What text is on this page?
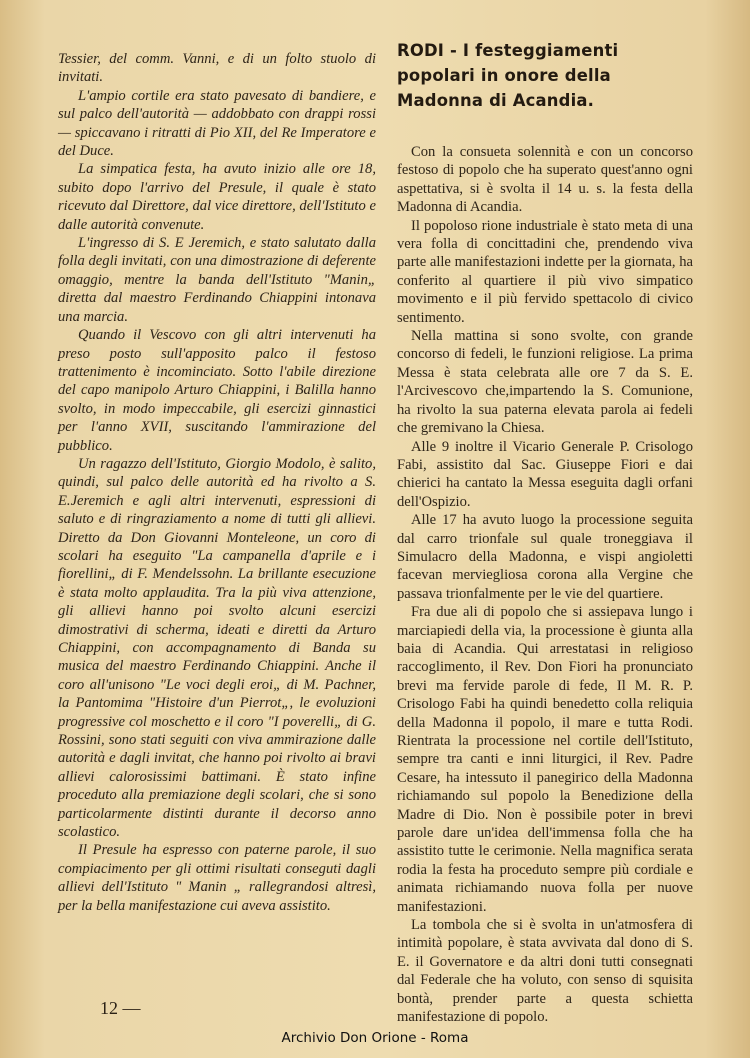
Tessier, del comm. Vanni, e di un folto stuolo di invitati.

L'ampio cortile era stato pavesato di bandiere, e sul palco dell'autorità — addobbato con drappi rossi — spiccavano i ritratti di Pio XII, del Re Imperatore e del Duce.

La simpatica festa, ha avuto inizio alle ore 18, subito dopo l'arrivo del Presule, il quale è stato ricevuto dal Direttore, dal vice direttore, dell'Istituto e dalle autorità convenute.

L'ingresso di S. E Jeremich, e stato salutato dalla folla degli invitati, con una dimostrazione di deferente omaggio, mentre la banda dell'Istituto "Manin„ diretta dal maestro Ferdinando Chiappini intonava una marcia.

Quando il Vescovo con gli altri intervenuti ha preso posto sull'apposito palco il festoso trattenimento è incominciato. Sotto l'abile direzione del capo manipolo Arturo Chiappini, i Balilla hanno svolto, in modo impeccabile, gli esercizi ginnastici per l'anno XVII, suscitando l'ammirazione del pubblico.

Un ragazzo dell'Istituto, Giorgio Modolo, è salito, quindi, sul palco delle autorità ed ha rivolto a S. E.Jeremich e agli altri intervenuti, espressioni di saluto e di ringraziamento a nome di tutti gli allievi. Diretto da Don Giovanni Monteleone, un coro di scolari ha eseguito "La campanella d'aprile e i fiorellini„ di F. Mendelssohn. La brillante esecuzione è stata molto applaudita. Tra la più viva attenzione, gli allievi hanno poi svolto alcuni esercizi dimostrativi di scherma, ideati e diretti da Arturo Chiappini, con accompagnamento di Banda su musica del maestro Ferdinando Chiappini. Anche il coro all'unisono "Le voci degli eroi„ di M. Pachner, la Pantomima "Histoire d'un Pierrot„, le evoluzioni progressive col moschetto e il coro "I poverelli„ di G. Rossini, sono stati seguiti con viva ammirazione dalle autorità e dagli invitat, che hanno poi rivolto ai bravi allievi calorosissimi battimani. È stato infine proceduto alla premiazione degli scolari, che si sono particolarmente distinti durante il decorso anno scolastico.

Il Presule ha espresso con paterne parole, il suo compiacimento per gli ottimi risultati conseguti dagli allievi dell'Istituto " Manin „ rallegrandosi altresì, per la bella manifestazione cui aveva assistito.

RODI - I festeggiamenti popolari in onore della Madonna di Acandia.

Con la consueta solennità e con un concorso festoso di popolo che ha superato quest'anno ogni aspettativa, si è svolta il 14 u. s. la festa della Madonna di Acandia.

Il popoloso rione industriale è stato meta di una vera folla di concittadini che, prendendo viva parte alle manifestazioni indette per la giornata, ha conferito al quartiere il più vivo simpatico movimento e il più fervido spettacolo di civico sentimento.

Nella mattina si sono svolte, con grande concorso di fedeli, le funzioni religiose. La prima Messa è stata celebrata alle ore 7 da S. E. l'Arcivescovo che,impartendo la S. Comunione, ha rivolto la sua paterna elevata parola ai fedeli che gremivano la Chiesa.

Alle 9 inoltre il Vicario Generale P. Crisologo Fabi, assistito dal Sac. Giuseppe Fiori e dai chierici ha cantato la Messa eseguita dagli orfani dell'Ospizio.

Alle 17 ha avuto luogo la processione seguita dal carro trionfale sul quale troneggiava il Simulacro della Madonna, e vispi angioletti facevan merviegliosa corona alla Vergine che passava trionfalmente per le vie del quartiere.

Fra due ali di popolo che si assiepava lungo i marciapiedi della via, la processione è giunta alla baia di Acandia. Qui arrestatasi in religioso raccoglimento, il Rev. Don Fiori ha pronunciato brevi ma fervide parole di fede, Il M. R. P. Crisologo Fabi ha quindi benedetto colla reliquia della Madonna il popolo, il mare e tutta Rodi. Rientrata la processione nel cortile dell'Istituto, sempre tra canti e inni liturgici, il Rev. Padre Cesare, ha intessuto il panegirico della Madonna richiamando sul popolo la Benedizione della Madre di Dio. Non è possibile poter in brevi parole dare un'idea dell'immensa folla che ha assistito tutte le cerimonie. Nella magnifica serata rodia la festa ha proceduto sempre più cordiale e animata richiamando nuova folla per nuove manifestazioni.

La tombola che si è svolta in un'atmosfera di intimità popolare, è stata avvivata dal dono di S. E. il Governatore e da altri doni tutti consegnati dal Federale che ha voluto, con senso di squisita bontà, prender parte a questa schietta manifestazione di popolo.

12 —
Archivio Don Orione - Roma
